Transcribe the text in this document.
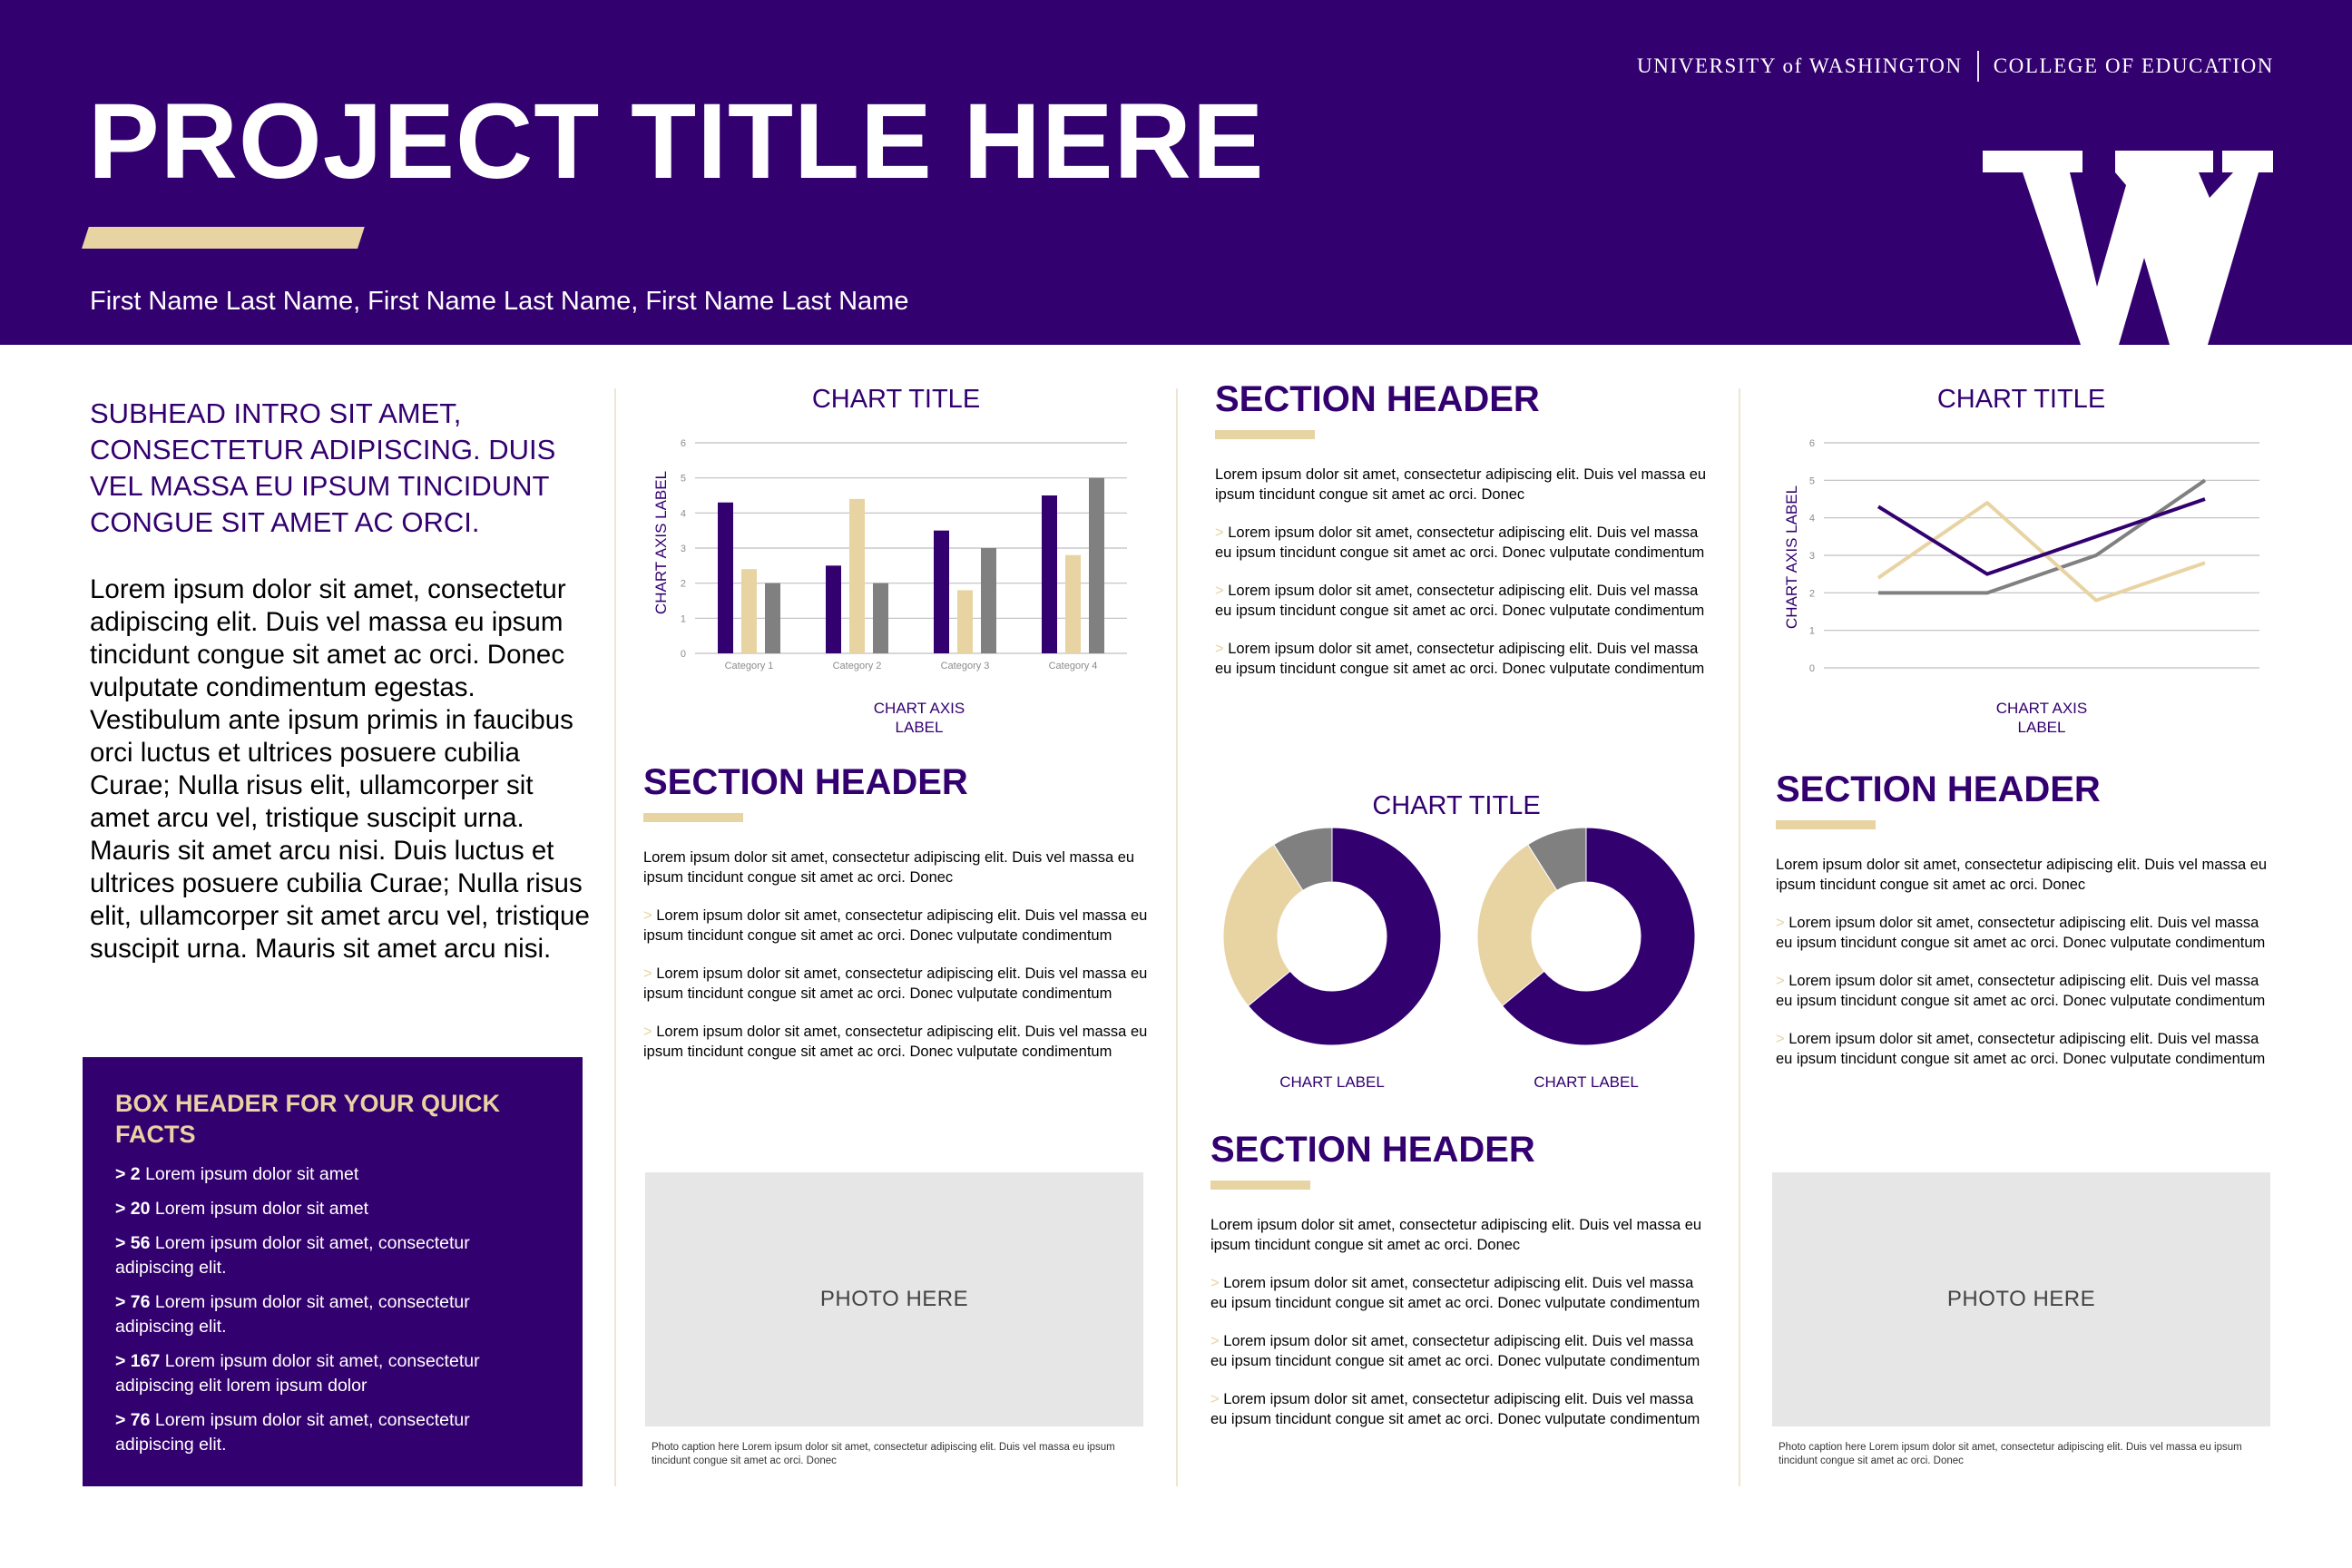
PROJECT TITLE HERE
First Name Last Name, First Name Last Name, First Name Last Name
UNIVERSITY of WASHINGTON COLLEGE OF EDUCATION
SUBHEAD INTRO SIT AMET, CONSECTETUR ADIPISCING. DUIS VEL MASSA EU IPSUM TINCIDUNT CONGUE SIT AMET AC ORCI.
Lorem ipsum dolor sit amet, consectetur adipiscing elit. Duis vel massa eu ipsum tincidunt congue sit amet ac orci. Donec vulputate condimentum egestas. Vestibulum ante ipsum primis in faucibus orci luctus et ultrices posuere cubilia Curae; Nulla risus elit, ullamcorper sit amet arcu vel, tristique suscipit urna. Mauris sit amet arcu nisi. Duis luctus et ultrices posuere cubilia Curae; Nulla risus elit, ullamcorper sit amet arcu vel, tristique suscipit urna. Mauris sit amet arcu nisi.
BOX HEADER FOR YOUR QUICK FACTS
> 2 Lorem ipsum dolor sit amet
> 20 Lorem ipsum dolor sit amet
> 56 Lorem ipsum dolor sit amet, consectetur adipiscing elit.
> 76 Lorem ipsum dolor sit amet, consectetur adipiscing elit.
> 167 Lorem ipsum dolor sit amet, consectetur adipiscing elit lorem ipsum dolor
> 76 Lorem ipsum dolor sit amet, consectetur adipiscing elit.
CHART TITLE
CHART AXIS LABEL
0
1
2
3
4
5
6
Category 1	Category 2	Category 3	Category 4
CHART AXIS LABEL
SECTION HEADER
Lorem ipsum dolor sit amet, consectetur adipiscing elit. Duis vel massa eu ipsum tincidunt congue sit amet ac orci. Donec
> Lorem ipsum dolor sit amet, consectetur adipiscing elit. Duis vel massa eu ipsum tincidunt congue sit amet ac orci. Donec vulputate condimentum
> Lorem ipsum dolor sit amet, consectetur adipiscing elit. Duis vel massa eu ipsum tincidunt congue sit amet ac orci. Donec vulputate condimentum
> Lorem ipsum dolor sit amet, consectetur adipiscing elit. Duis vel massa eu ipsum tincidunt congue sit amet ac orci. Donec vulputate condimentum
PHOTO HERE
Photo caption here Lorem ipsum dolor sit amet, consectetur adipiscing elit. Duis vel massa eu ipsum tincidunt congue sit amet ac orci. Donec
SECTION HEADER
Lorem ipsum dolor sit amet, consectetur adipiscing elit. Duis vel massa eu ipsum tincidunt congue sit amet ac orci. Donec
> Lorem ipsum dolor sit amet, consectetur adipiscing elit. Duis vel massa eu ipsum tincidunt congue sit amet ac orci. Donec vulputate condimentum
> Lorem ipsum dolor sit amet, consectetur adipiscing elit. Duis vel massa eu ipsum tincidunt congue sit amet ac orci. Donec vulputate condimentum
> Lorem ipsum dolor sit amet, consectetur adipiscing elit. Duis vel massa eu ipsum tincidunt congue sit amet ac orci. Donec vulputate condimentum
CHART TITLE
CHART LABEL	CHART LABEL
SECTION HEADER
Lorem ipsum dolor sit amet, consectetur adipiscing elit. Duis vel massa eu ipsum tincidunt congue sit amet ac orci. Donec
> Lorem ipsum dolor sit amet, consectetur adipiscing elit. Duis vel massa eu ipsum tincidunt congue sit amet ac orci. Donec vulputate condimentum
> Lorem ipsum dolor sit amet, consectetur adipiscing elit. Duis vel massa eu ipsum tincidunt congue sit amet ac orci. Donec vulputate condimentum
> Lorem ipsum dolor sit amet, consectetur adipiscing elit. Duis vel massa eu ipsum tincidunt congue sit amet ac orci. Donec vulputate condimentum
CHART TITLE
CHART AXIS LABEL
0
1
2
3
4
5
6
CHART AXIS LABEL
SECTION HEADER
Lorem ipsum dolor sit amet, consectetur adipiscing elit. Duis vel massa eu ipsum tincidunt congue sit amet ac orci. Donec
> Lorem ipsum dolor sit amet, consectetur adipiscing elit. Duis vel massa eu ipsum tincidunt congue sit amet ac orci. Donec vulputate condimentum
> Lorem ipsum dolor sit amet, consectetur adipiscing elit. Duis vel massa eu ipsum tincidunt congue sit amet ac orci. Donec vulputate condimentum
> Lorem ipsum dolor sit amet, consectetur adipiscing elit. Duis vel massa eu ipsum tincidunt congue sit amet ac orci. Donec vulputate condimentum
PHOTO HERE
Photo caption here Lorem ipsum dolor sit amet, consectetur adipiscing elit. Duis vel massa eu ipsum tincidunt congue sit amet ac orci. Donec
